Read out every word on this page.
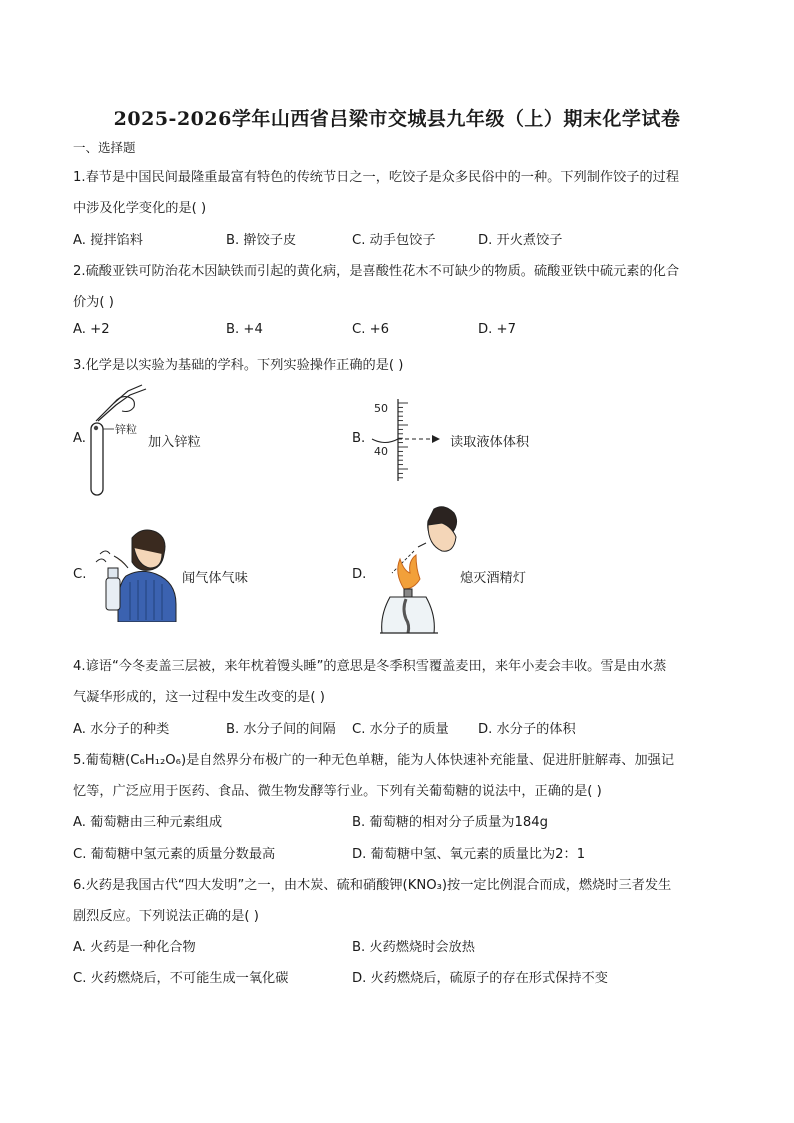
2025-2026学年山西省吕梁市交城县九年级（上）期末化学试卷
一、选择题
1.春节是中国民间最隆重最富有特色的传统节日之一，吃饺子是众多民俗中的一种。下列制作饺子的过程
中涉及化学变化的是( )
A. 搅拌馅料	B. 擀饺子皮	C. 动手包饺子	D. 开火煮饺子
2.硫酸亚铁可防治花木因缺铁而引起的黄化病，是喜酸性花木不可缺少的物质。硫酸亚铁中硫元素的化合
价为( )
A. +2	B. +4	C. +6	D. +7
3.化学是以实验为基础的学科。下列实验操作正确的是( )
A.
锌粒
加入锌粒	B.
50
40
读取液体体积
C.	闻气体气味	D.	熄灭酒精灯
4.谚语“今冬麦盖三层被，来年枕着馒头睡”的意思是冬季积雪覆盖麦田，来年小麦会丰收。雪是由水蒸
气凝华形成的，这一过程中发生改变的是( )
A. 水分子的种类	B. 水分子间的间隔 C. 水分子的质量 D. 水分子的体积
5.葡萄糖(C₆H₁₂O₆)是自然界分布极广的一种无色单糖，能为人体快速补充能量、促进肝脏解毒、加强记
忆等，广泛应用于医药、食品、微生物发酵等行业。下列有关葡萄糖的说法中，正确的是( )
A. 葡萄糖由三种元素组成	B. 葡萄糖的相对分子质量为184g
C. 葡萄糖中氢元素的质量分数最高	D. 葡萄糖中氢、氧元素的质量比为2：1
6.火药是我国古代“四大发明”之一，由木炭、硫和硝酸钾(KNO₃)按一定比例混合而成，燃烧时三者发生
剧烈反应。下列说法正确的是( )
A. 火药是一种化合物	B. 火药燃烧时会放热
C. 火药燃烧后，不可能生成一氧化碳	D. 火药燃烧后，硫原子的存在形式保持不变
